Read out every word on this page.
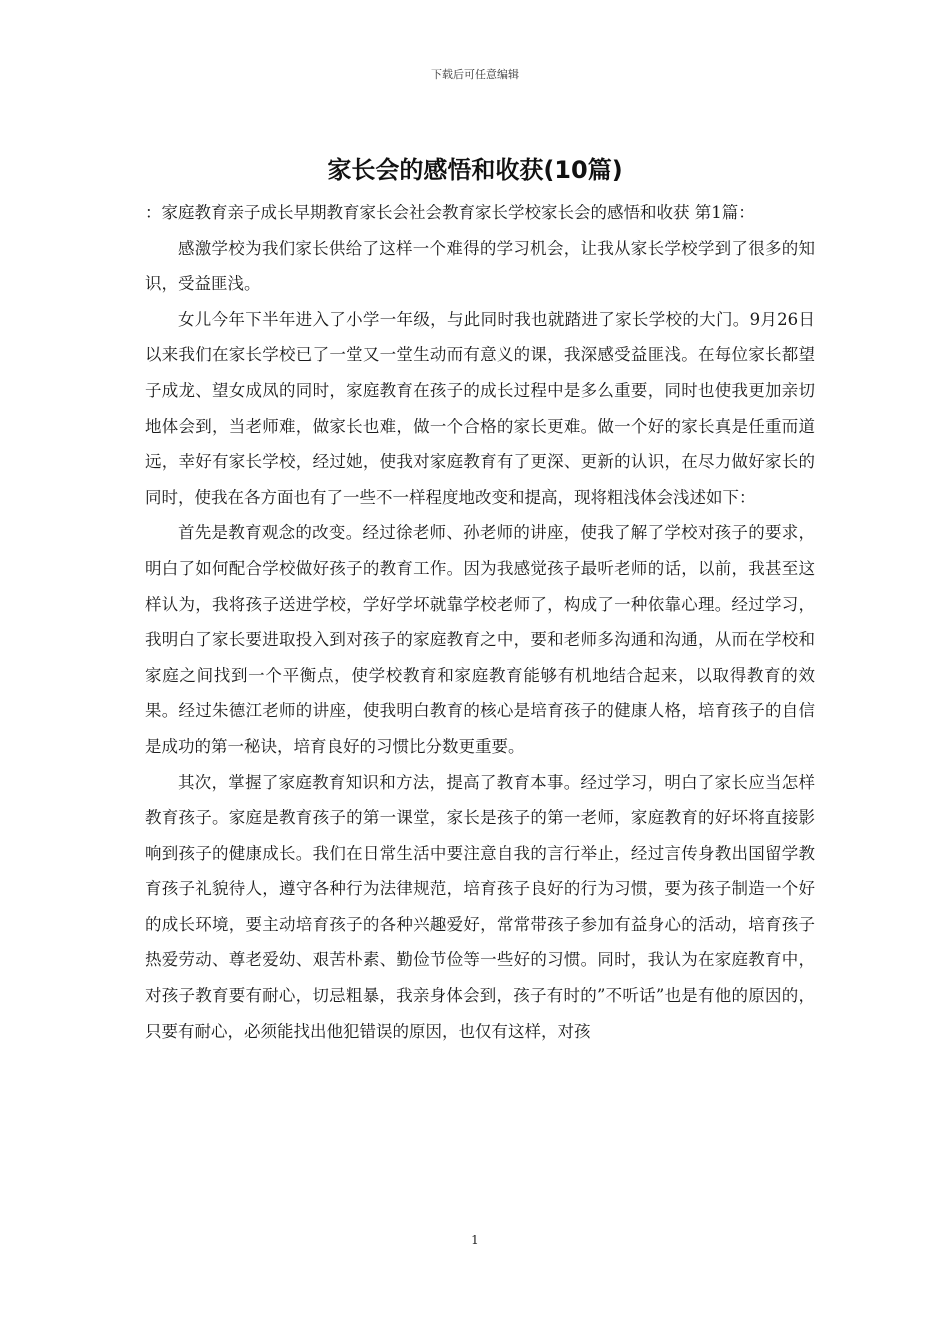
下载后可任意编辑
家长会的感悟和收获(10篇)

：家庭教育亲子成长早期教育家长会社会教育家长学校家长会的感悟和收获 第1篇：

感激学校为我们家长供给了这样一个难得的学习机会，让我从家长学校学到了很多的知识，受益匪浅。

女儿今年下半年进入了小学一年级，与此同时我也就踏进了家长学校的大门。9月26日以来我们在家长学校已了一堂又一堂生动而有意义的课，我深感受益匪浅。在每位家长都望子成龙、望女成凤的同时，家庭教育在孩子的成长过程中是多么重要，同时也使我更加亲切地体会到，当老师难，做家长也难，做一个合格的家长更难。做一个好的家长真是任重而道远，幸好有家长学校，经过她，使我对家庭教育有了更深、更新的认识，在尽力做好家长的同时，使我在各方面也有了一些不一样程度地改变和提高，现将粗浅体会浅述如下：

首先是教育观念的改变。经过徐老师、孙老师的讲座，使我了解了学校对孩子的要求，明白了如何配合学校做好孩子的教育工作。因为我感觉孩子最听老师的话，以前，我甚至这样认为，我将孩子送进学校，学好学坏就靠学校老师了，构成了一种依靠心理。经过学习，我明白了家长要进取投入到对孩子的家庭教育之中，要和老师多沟通和沟通，从而在学校和家庭之间找到一个平衡点，使学校教育和家庭教育能够有机地结合起来，以取得教育的效果。经过朱德江老师的讲座，使我明白教育的核心是培育孩子的健康人格，培育孩子的自信是成功的第一秘诀，培育良好的习惯比分数更重要。

其次，掌握了家庭教育知识和方法，提高了教育本事。经过学习，明白了家长应当怎样教育孩子。家庭是教育孩子的第一课堂，家长是孩子的第一老师，家庭教育的好坏将直接影响到孩子的健康成长。我们在日常生活中要注意自我的言行举止，经过言传身教出国留学教育孩子礼貌待人，遵守各种行为法律规范，培育孩子良好的行为习惯，要为孩子制造一个好的成长环境，要主动培育孩子的各种兴趣爱好，常常带孩子参加有益身心的活动，培育孩子热爱劳动、尊老爱幼、艰苦朴素、勤俭节俭等一些好的习惯。同时，我认为在家庭教育中，对孩子教育要有耐心，切忌粗暴，我亲身体会到，孩子有时的”不听话”也是有他的原因的，只要有耐心，必须能找出他犯错误的原因，也仅有这样，对孩

1
